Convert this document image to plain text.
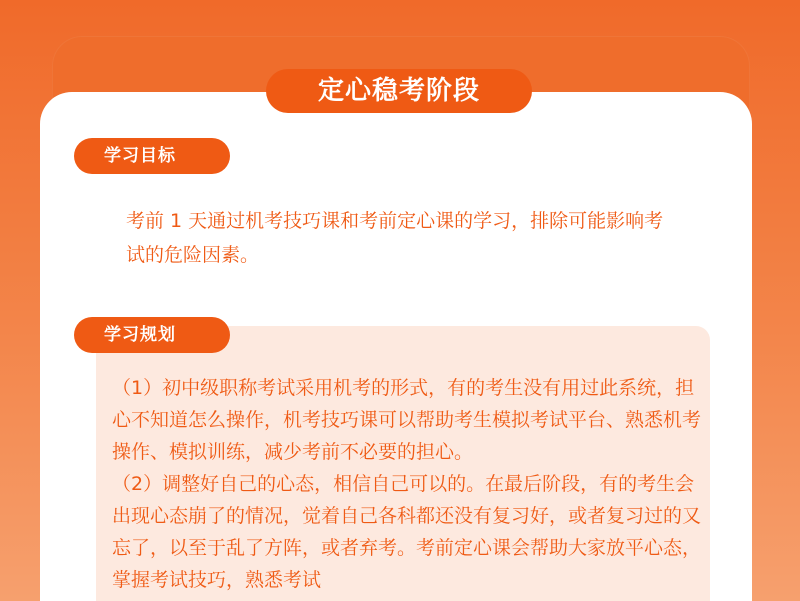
定心稳考阶段
学习目标
考前 1 天通过机考技巧课和考前定心课的学习，排除可能影响考试的危险因素。
学习规划

（1）初中级职称考试采用机考的形式，有的考生没有用过此系统，担心不知道怎么操作，机考技巧课可以帮助考生模拟考试平台、熟悉机考操作、模拟训练，减少考前不必要的担心。

（2）调整好自己的心态，相信自己可以的。在最后阶段，有的考生会出现心态崩了的情况，觉着自己各科都还没有复习好，或者复习过的又忘了，以至于乱了方阵，或者弃考。考前定心课会帮助大家放平心态，掌握考试技巧，熟悉考试
